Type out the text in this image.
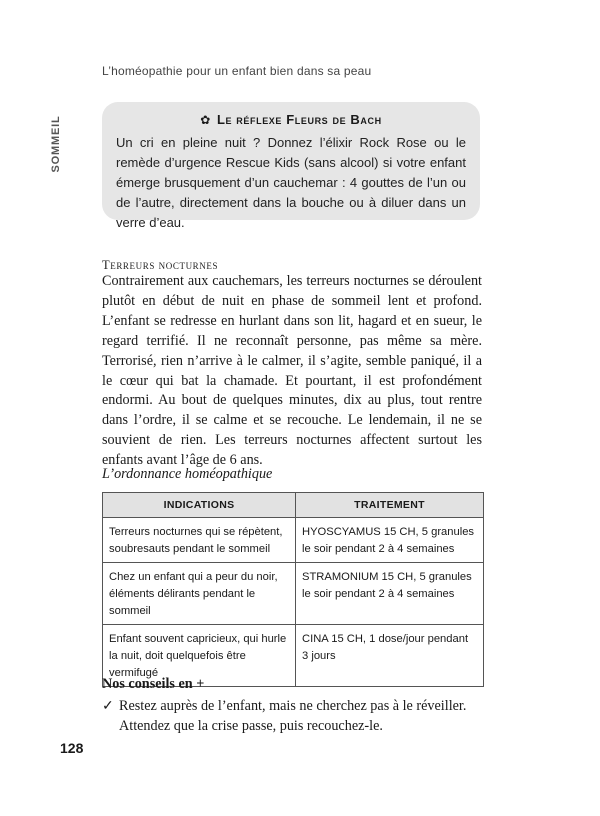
L’homéopathie pour un enfant bien dans sa peau
SOMMEIL	✿ Le réflexe Fleurs de Bach

Un cri en pleine nuit ? Donnez l’élixir Rock Rose ou le remède d’urgence Rescue Kids (sans alcool) si votre enfant émerge brusquement d’un cauchemar : 4 gouttes de l’un ou de l’autre, directement dans la bouche ou à diluer dans un verre d’eau.

Terreurs nocturnes

Contrairement aux cauchemars, les terreurs nocturnes se déroulent plutôt en début de nuit en phase de sommeil lent et profond. L’enfant se redresse en hurlant dans son lit, hagard et en sueur, le regard terrifié. Il ne reconnaît personne, pas même sa mère. Terrorisé, rien n’arrive à le calmer, il s’agite, semble paniqué, il a le cœur qui bat la chamade. Et pourtant, il est profondément endormi. Au bout de quelques minutes, dix au plus, tout rentre dans l’ordre, il se calme et se recouche. Le lendemain, il ne se souvient de rien. Les terreurs nocturnes affectent surtout les enfants avant l’âge de 6 ans.

L’ordonnance homéopathique
INDICATIONS	TRAITEMENT
Terreurs nocturnes qui se répètent, soubresauts pendant le sommeil	HYOSCYAMUS 15 CH, 5 granules le soir pendant 2 à 4 semaines
Chez un enfant qui a peur du noir, éléments délirants pendant le sommeil	STRAMONIUM 15 CH, 5 granules le soir pendant 2 à 4 semaines
Enfant souvent capricieux, qui hurle la nuit, doit quelquefois être vermifugé	CINA 15 CH, 1 dose/jour pendant 3 jours
Nos conseils en +
✓ Restez auprès de l’enfant, mais ne cherchez pas à le réveiller. Attendez que la crise passe, puis recouchez-le.
128
